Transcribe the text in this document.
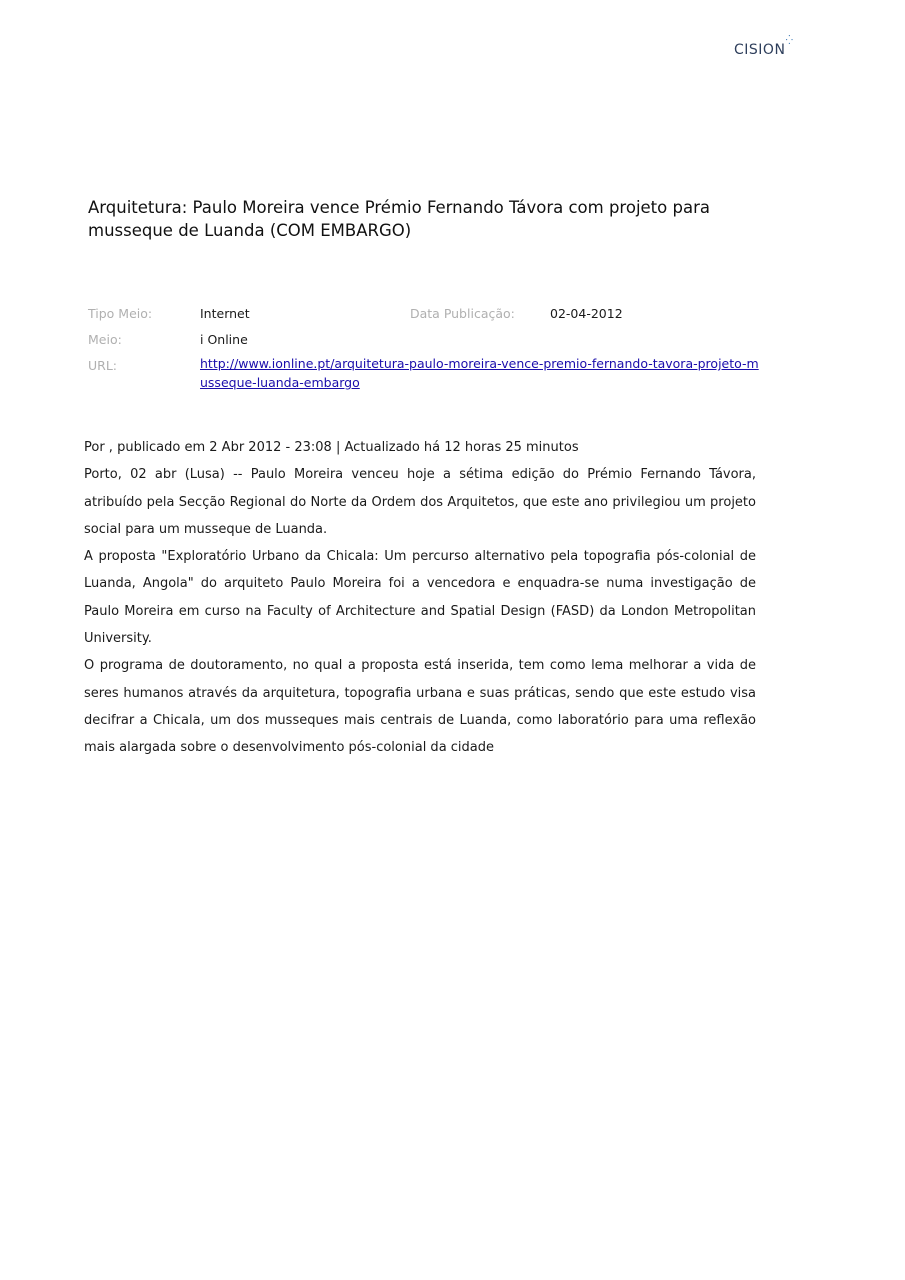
CISION
⁛
Arquitetura: Paulo Moreira vence Prémio Fernando Távora com projeto para musseque de Luanda (COM EMBARGO)
Tipo Meio:	Internet	Data Publicação:	02-04-2012
Meio:	i Online
URL:	http://www.ionline.pt/arquitetura-paulo-moreira-vence-premio-fernando-tavora-projeto-musseque-luanda-embargo

Por , publicado em 2 Abr 2012 - 23:08 | Actualizado há 12 horas 25 minutos

Porto, 02 abr (Lusa) -- Paulo Moreira venceu hoje a sétima edição do Prémio Fernando Távora, atribuído pela Secção Regional do Norte da Ordem dos Arquitetos, que este ano privilegiou um projeto social para um musseque de Luanda.

A proposta "Exploratório Urbano da Chicala: Um percurso alternativo pela topografia pós-colonial de Luanda, Angola" do arquiteto Paulo Moreira foi a vencedora e enquadra-se numa investigação de Paulo Moreira em curso na Faculty of Architecture and Spatial Design (FASD) da London Metropolitan University.

O programa de doutoramento, no qual a proposta está inserida, tem como lema melhorar a vida de seres humanos através da arquitetura, topografia urbana e suas práticas, sendo que este estudo visa decifrar a Chicala, um dos musseques mais centrais de Luanda, como laboratório para uma reflexão mais alargada sobre o desenvolvimento pós-colonial da cidade
